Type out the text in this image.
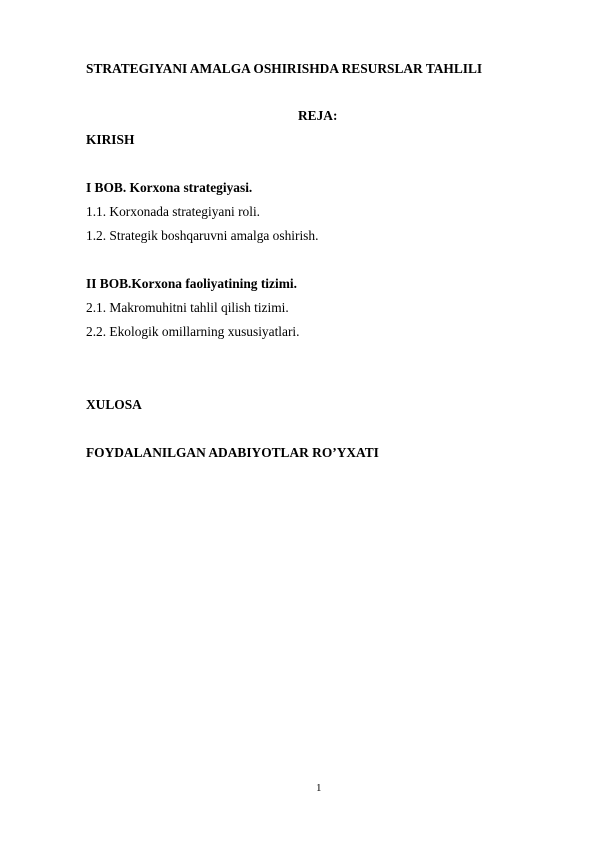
STRATEGIYANI AMALGA OSHIRISHDA RESURSLAR TAHLILI
REJA:
KIRISH
I BOB. Korxona strategiyasi.
1.1. Korxonada strategiyani roli.
1.2. Strategik boshqaruvni amalga oshirish.
II BOB.Korxona faoliyatining tizimi.
2.1. Makromuhitni tahlil qilish tizimi.
2.2. Ekologik omillarning xususiyatlari.
XULOSA
FOYDALANILGAN ADABIYOTLAR RO’YXATI
1
